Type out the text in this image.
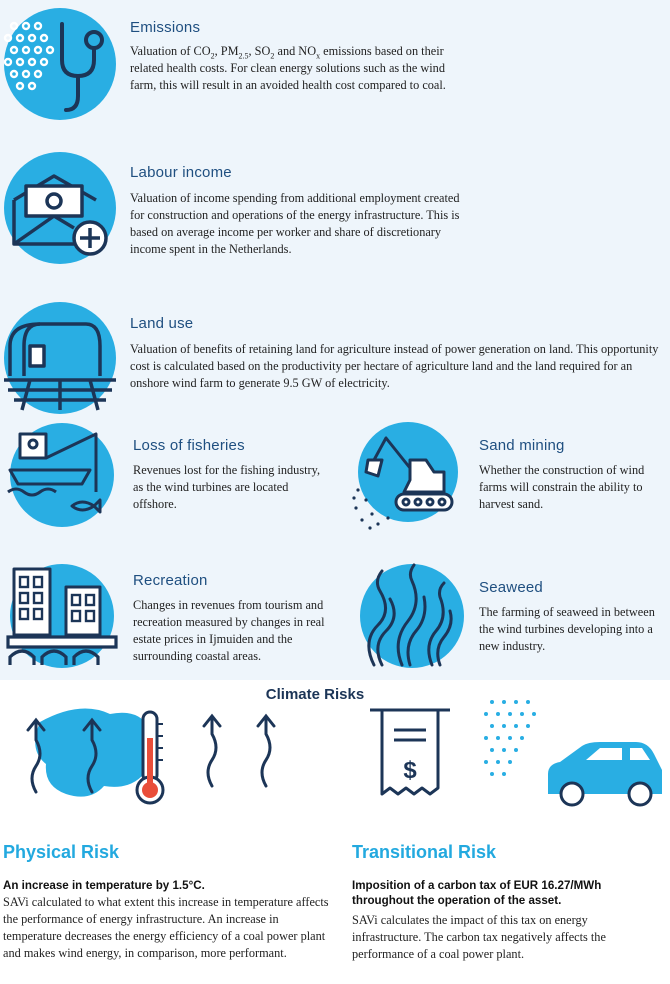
Emissions
Valuation of $CO_2$, $PM_{2.5}$, $SO_2$ and $NO_x$ emissions based on their related health costs. For clean energy solutions such as the wind farm, this will result in an avoided health cost compared to coal.
Labour income
Valuation of income spending from additional employment created for construction and operations of the energy infrastructure. This is based on average income per worker and share of discretionary income spent in the Netherlands.
Land use
Valuation of benefits of retaining land for agriculture instead of power generation on land. This opportunity cost is calculated based on the productivity per hectare of agriculture land and the land required for an onshore wind farm to generate 9.5 GW of electricity.
Loss of fisheries
Revenues lost for the fishing industry, as the wind turbines are located offshore.
Sand mining
Whether the construction of wind farms will constrain the ability to harvest sand.
Recreation
Changes in revenues from tourism and recreation measured by changes in real estate prices in Ijmuiden and the surrounding coastal areas.
Seaweed
The farming of seaweed in between the wind turbines developing into a new industry.
Climate Risks
$
Physical Risk
An increase in temperature by 1.5°C.
SAVi calculated to what extent this increase in temperature affects the performance of energy infrastructure. An increase in temperature decreases the energy efficiency of a coal power plant and makes wind energy, in comparison, more performant.
Transitional Risk
Imposition of a carbon tax of EUR 16.27/MWh throughout the operation of the asset.
SAVi calculates the impact of this tax on energy infrastructure. The carbon tax negatively affects the performance of a coal power plant.
